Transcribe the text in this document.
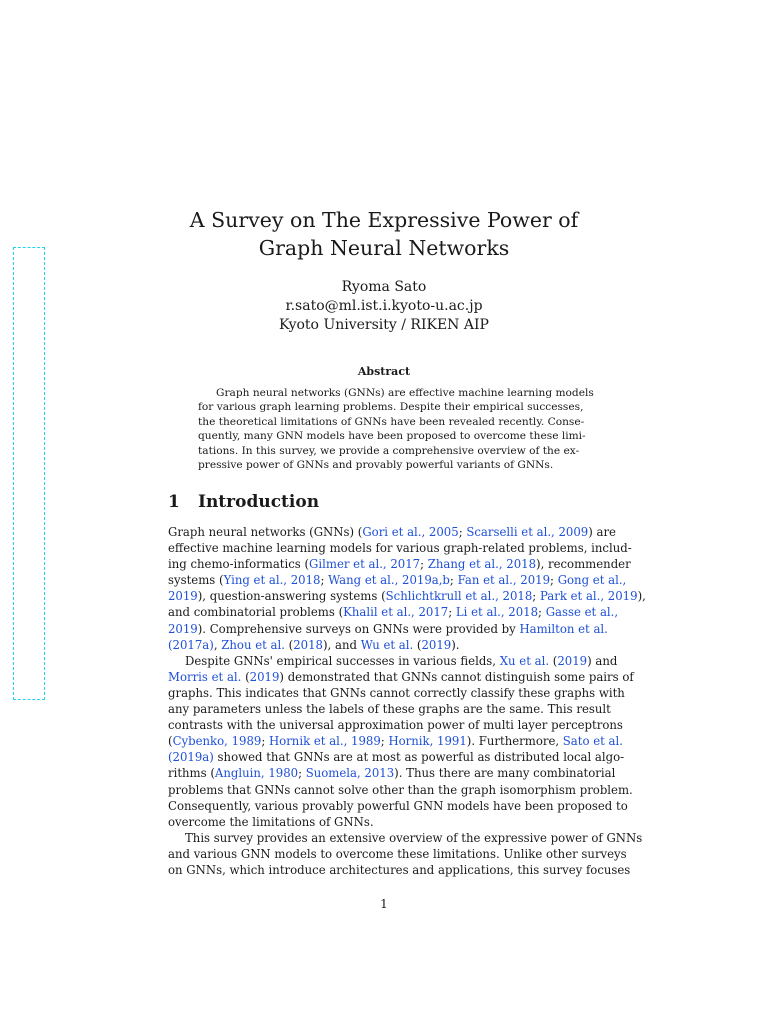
A Survey on The Expressive Power of
Graph Neural Networks
Ryoma Sato
r.sato@ml.ist.i.kyoto-u.ac.jp
Kyoto University / RIKEN AIP
Abstract
Graph neural networks (GNNs) are effective machine learning models
for various graph learning problems. Despite their empirical successes,
the theoretical limitations of GNNs have been revealed recently. Conse-
quently, many GNN models have been proposed to overcome these limi-
tations. In this survey, we provide a comprehensive overview of the ex-
pressive power of GNNs and provably powerful variants of GNNs.
1 Introduction
Graph neural networks (GNNs) (Gori et al., 2005; Scarselli et al., 2009) are
effective machine learning models for various graph-related problems, includ-
ing chemo-informatics (Gilmer et al., 2017; Zhang et al., 2018), recommender
systems (Ying et al., 2018; Wang et al., 2019a,b; Fan et al., 2019; Gong et al.,
2019), question-answering systems (Schlichtkrull et al., 2018; Park et al., 2019),
and combinatorial problems (Khalil et al., 2017; Li et al., 2018; Gasse et al.,
2019). Comprehensive surveys on GNNs were provided by Hamilton et al.
(2017a), Zhou et al. (2018), and Wu et al. (2019).
Despite GNNs' empirical successes in various fields, Xu et al. (2019) and
Morris et al. (2019) demonstrated that GNNs cannot distinguish some pairs of
graphs. This indicates that GNNs cannot correctly classify these graphs with
any parameters unless the labels of these graphs are the same. This result
contrasts with the universal approximation power of multi layer perceptrons
(Cybenko, 1989; Hornik et al., 1989; Hornik, 1991). Furthermore, Sato et al.
(2019a) showed that GNNs are at most as powerful as distributed local algo-
rithms (Angluin, 1980; Suomela, 2013). Thus there are many combinatorial
problems that GNNs cannot solve other than the graph isomorphism problem.
Consequently, various provably powerful GNN models have been proposed to
overcome the limitations of GNNs.
This survey provides an extensive overview of the expressive power of GNNs
and various GNN models to overcome these limitations. Unlike other surveys
on GNNs, which introduce architectures and applications, this survey focuses
1
